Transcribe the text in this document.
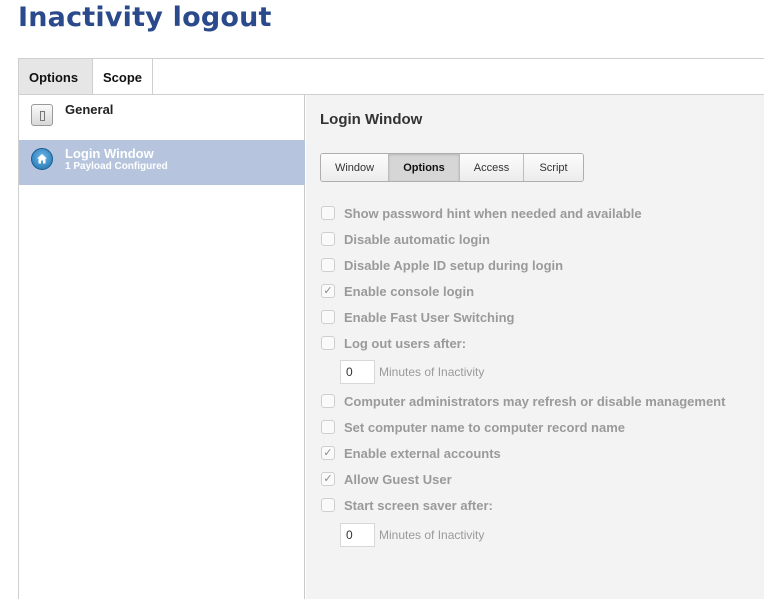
Inactivity logout
Options	Scope
General
Login Window
1 Payload Configured
Login Window
Window	Options	Access	Script
Show password hint when needed and available
Disable automatic login
Disable Apple ID setup during login
✓ Enable console login
Enable Fast User Switching
Log out users after:
0	Minutes of Inactivity
Computer administrators may refresh or disable management
Set computer name to computer record name
✓ Enable external accounts
✓ Allow Guest User
Start screen saver after:
0	Minutes of Inactivity
